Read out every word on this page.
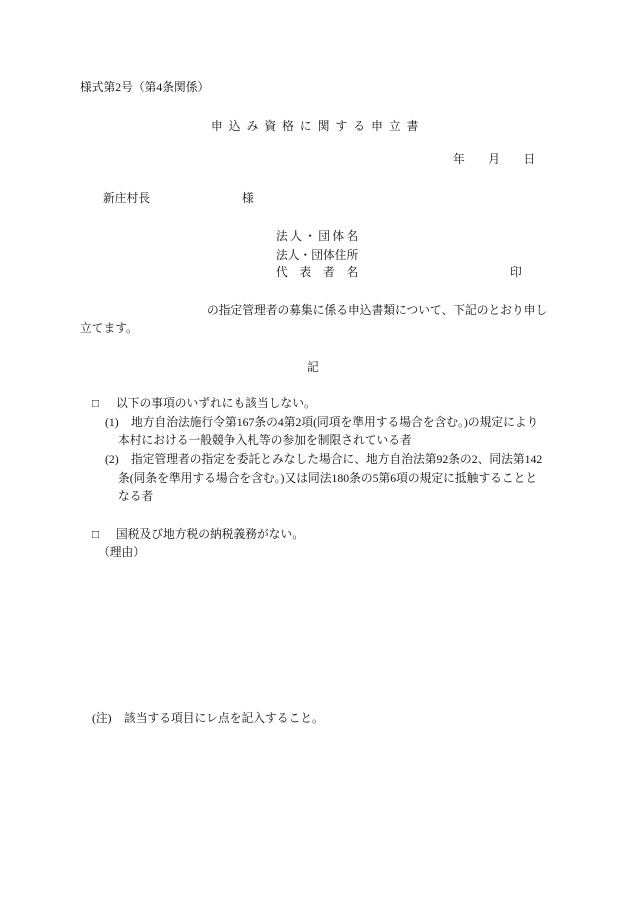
様式第2号（第4条関係）
申 込 み 資 格 に 関 す る 申 立 書
年　　月　　日
新庄村長	様
法人・団体名
法人・団体住所
代　表　者　名	印
の指定管理者の募集に係る申込書類について、下記のとおり申し
立てます。
記
□ 以下の事項のいずれにも該当しない。
(1) 地方自治法施行令第167条の4第2項(同項を準用する場合を含む。)の規定により
本村における一般競争入札等の参加を制限されている者
(2) 指定管理者の指定を委託とみなした場合に、地方自治法第92条の2、同法第142
条(同条を準用する場合を含む。)又は同法180条の5第6項の規定に抵触することと
なる者
□ 国税及び地方税の納税義務がない。
（理由）
(注) 該当する項目にレ点を記入すること。
